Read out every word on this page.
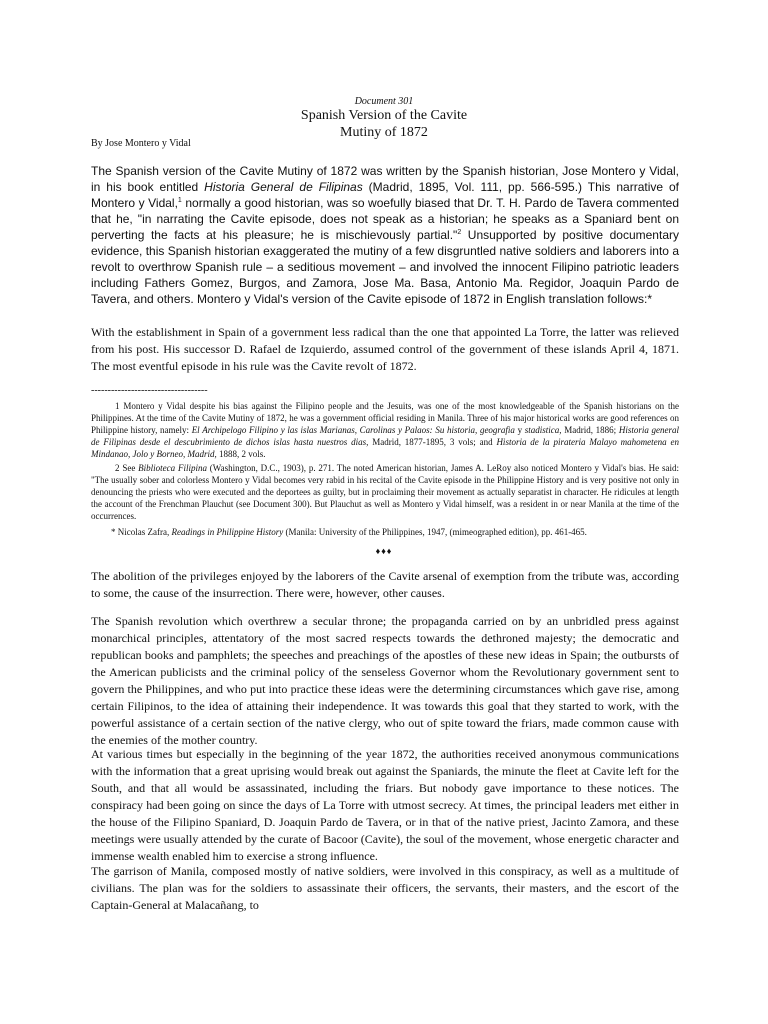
Document 301
Spanish Version of the Cavite
Mutiny of 1872
By Jose Montero y Vidal

The Spanish version of the Cavite Mutiny of 1872 was written by the Spanish historian, Jose Montero y Vidal, in his book entitled Historia General de Filipinas (Madrid, 1895, Vol. 111, pp. 566-595.) This narrative of Montero y Vidal,$^1$ normally a good historian, was so woefully biased that Dr. T. H. Pardo de Tavera commented that he, "in narrating the Cavite episode, does not speak as a historian; he speaks as a Spaniard bent on perverting the facts at his pleasure; he is mischievously partial."$^2$ Unsupported by positive documentary evidence, this Spanish historian exaggerated the mutiny of a few disgruntled native soldiers and laborers into a revolt to overthrow Spanish rule – a seditious movement – and involved the innocent Filipino patriotic leaders including Fathers Gomez, Burgos, and Zamora, Jose Ma. Basa, Antonio Ma. Regidor, Joaquin Pardo de Tavera, and others. Montero y Vidal's version of the Cavite episode of 1872 in English translation follows:*

With the establishment in Spain of a government less radical than the one that appointed La Torre, the latter was relieved from his post. His successor D. Rafael de Izquierdo, assumed control of the government of these islands April 4, 1871. The most eventful episode in his rule was the Cavite revolt of 1872.

-----------------------------------

1 Montero y Vidal despite his bias against the Filipino people and the Jesuits, was one of the most knowledgeable of the Spanish historians on the Philippines. At the time of the Cavite Mutiny of 1872, he was a government official residing in Manila. Three of his major historical works are good references on Philippine history, namely: El Archipelogo Filipino y las islas Marianas, Carolinas y Palaos: Su historia, geografia y stadistica, Madrid, 1886; Historia general de Filipinas desde el descubrimiento de dichos islas hasta nuestros dias, Madrid, 1877-1895, 3 vols; and Historia de la pirateria Malayo mahometena en Mindanao, Jolo y Borneo, Madrid, 1888, 2 vols.

2 See Biblioteca Filipina (Washington, D.C., 1903), p. 271. The noted American historian, James A. LeRoy also noticed Montero y Vidal's bias. He said: "The usually sober and colorless Montero y Vidal becomes very rabid in his recital of the Cavite episode in the Philippine History and is very positive not only in denouncing the priests who were executed and the deportees as guilty, but in proclaiming their movement as actually separatist in character. He ridicules at length the account of the Frenchman Plauchut (see Document 300). But Plauchut as well as Montero y Vidal himself, was a resident in or near Manila at the time of the occurrences.

* Nicolas Zafra, Readings in Philippine History (Manila: University of the Philippines, 1947, (mimeographed edition), pp. 461-465.

♦♦♦

The abolition of the privileges enjoyed by the laborers of the Cavite arsenal of exemption from the tribute was, according to some, the cause of the insurrection. There were, however, other causes.

The Spanish revolution which overthrew a secular throne; the propaganda carried on by an unbridled press against monarchical principles, attentatory of the most sacred respects towards the dethroned majesty; the democratic and republican books and pamphlets; the speeches and preachings of the apostles of these new ideas in Spain; the outbursts of the American publicists and the criminal policy of the senseless Governor whom the Revolutionary government sent to govern the Philippines, and who put into practice these ideas were the determining circumstances which gave rise, among certain Filipinos, to the idea of attaining their independence. It was towards this goal that they started to work, with the powerful assistance of a certain section of the native clergy, who out of spite toward the friars, made common cause with the enemies of the mother country.

At various times but especially in the beginning of the year 1872, the authorities received anonymous communications with the information that a great uprising would break out against the Spaniards, the minute the fleet at Cavite left for the South, and that all would be assassinated, including the friars. But nobody gave importance to these notices. The conspiracy had been going on since the days of La Torre with utmost secrecy. At times, the principal leaders met either in the house of the Filipino Spaniard, D. Joaquin Pardo de Tavera, or in that of the native priest, Jacinto Zamora, and these meetings were usually attended by the curate of Bacoor (Cavite), the soul of the movement, whose energetic character and immense wealth enabled him to exercise a strong influence.

The garrison of Manila, composed mostly of native soldiers, were involved in this conspiracy, as well as a multitude of civilians. The plan was for the soldiers to assassinate their officers, the servants, their masters, and the escort of the Captain-General at Malacañang, to
